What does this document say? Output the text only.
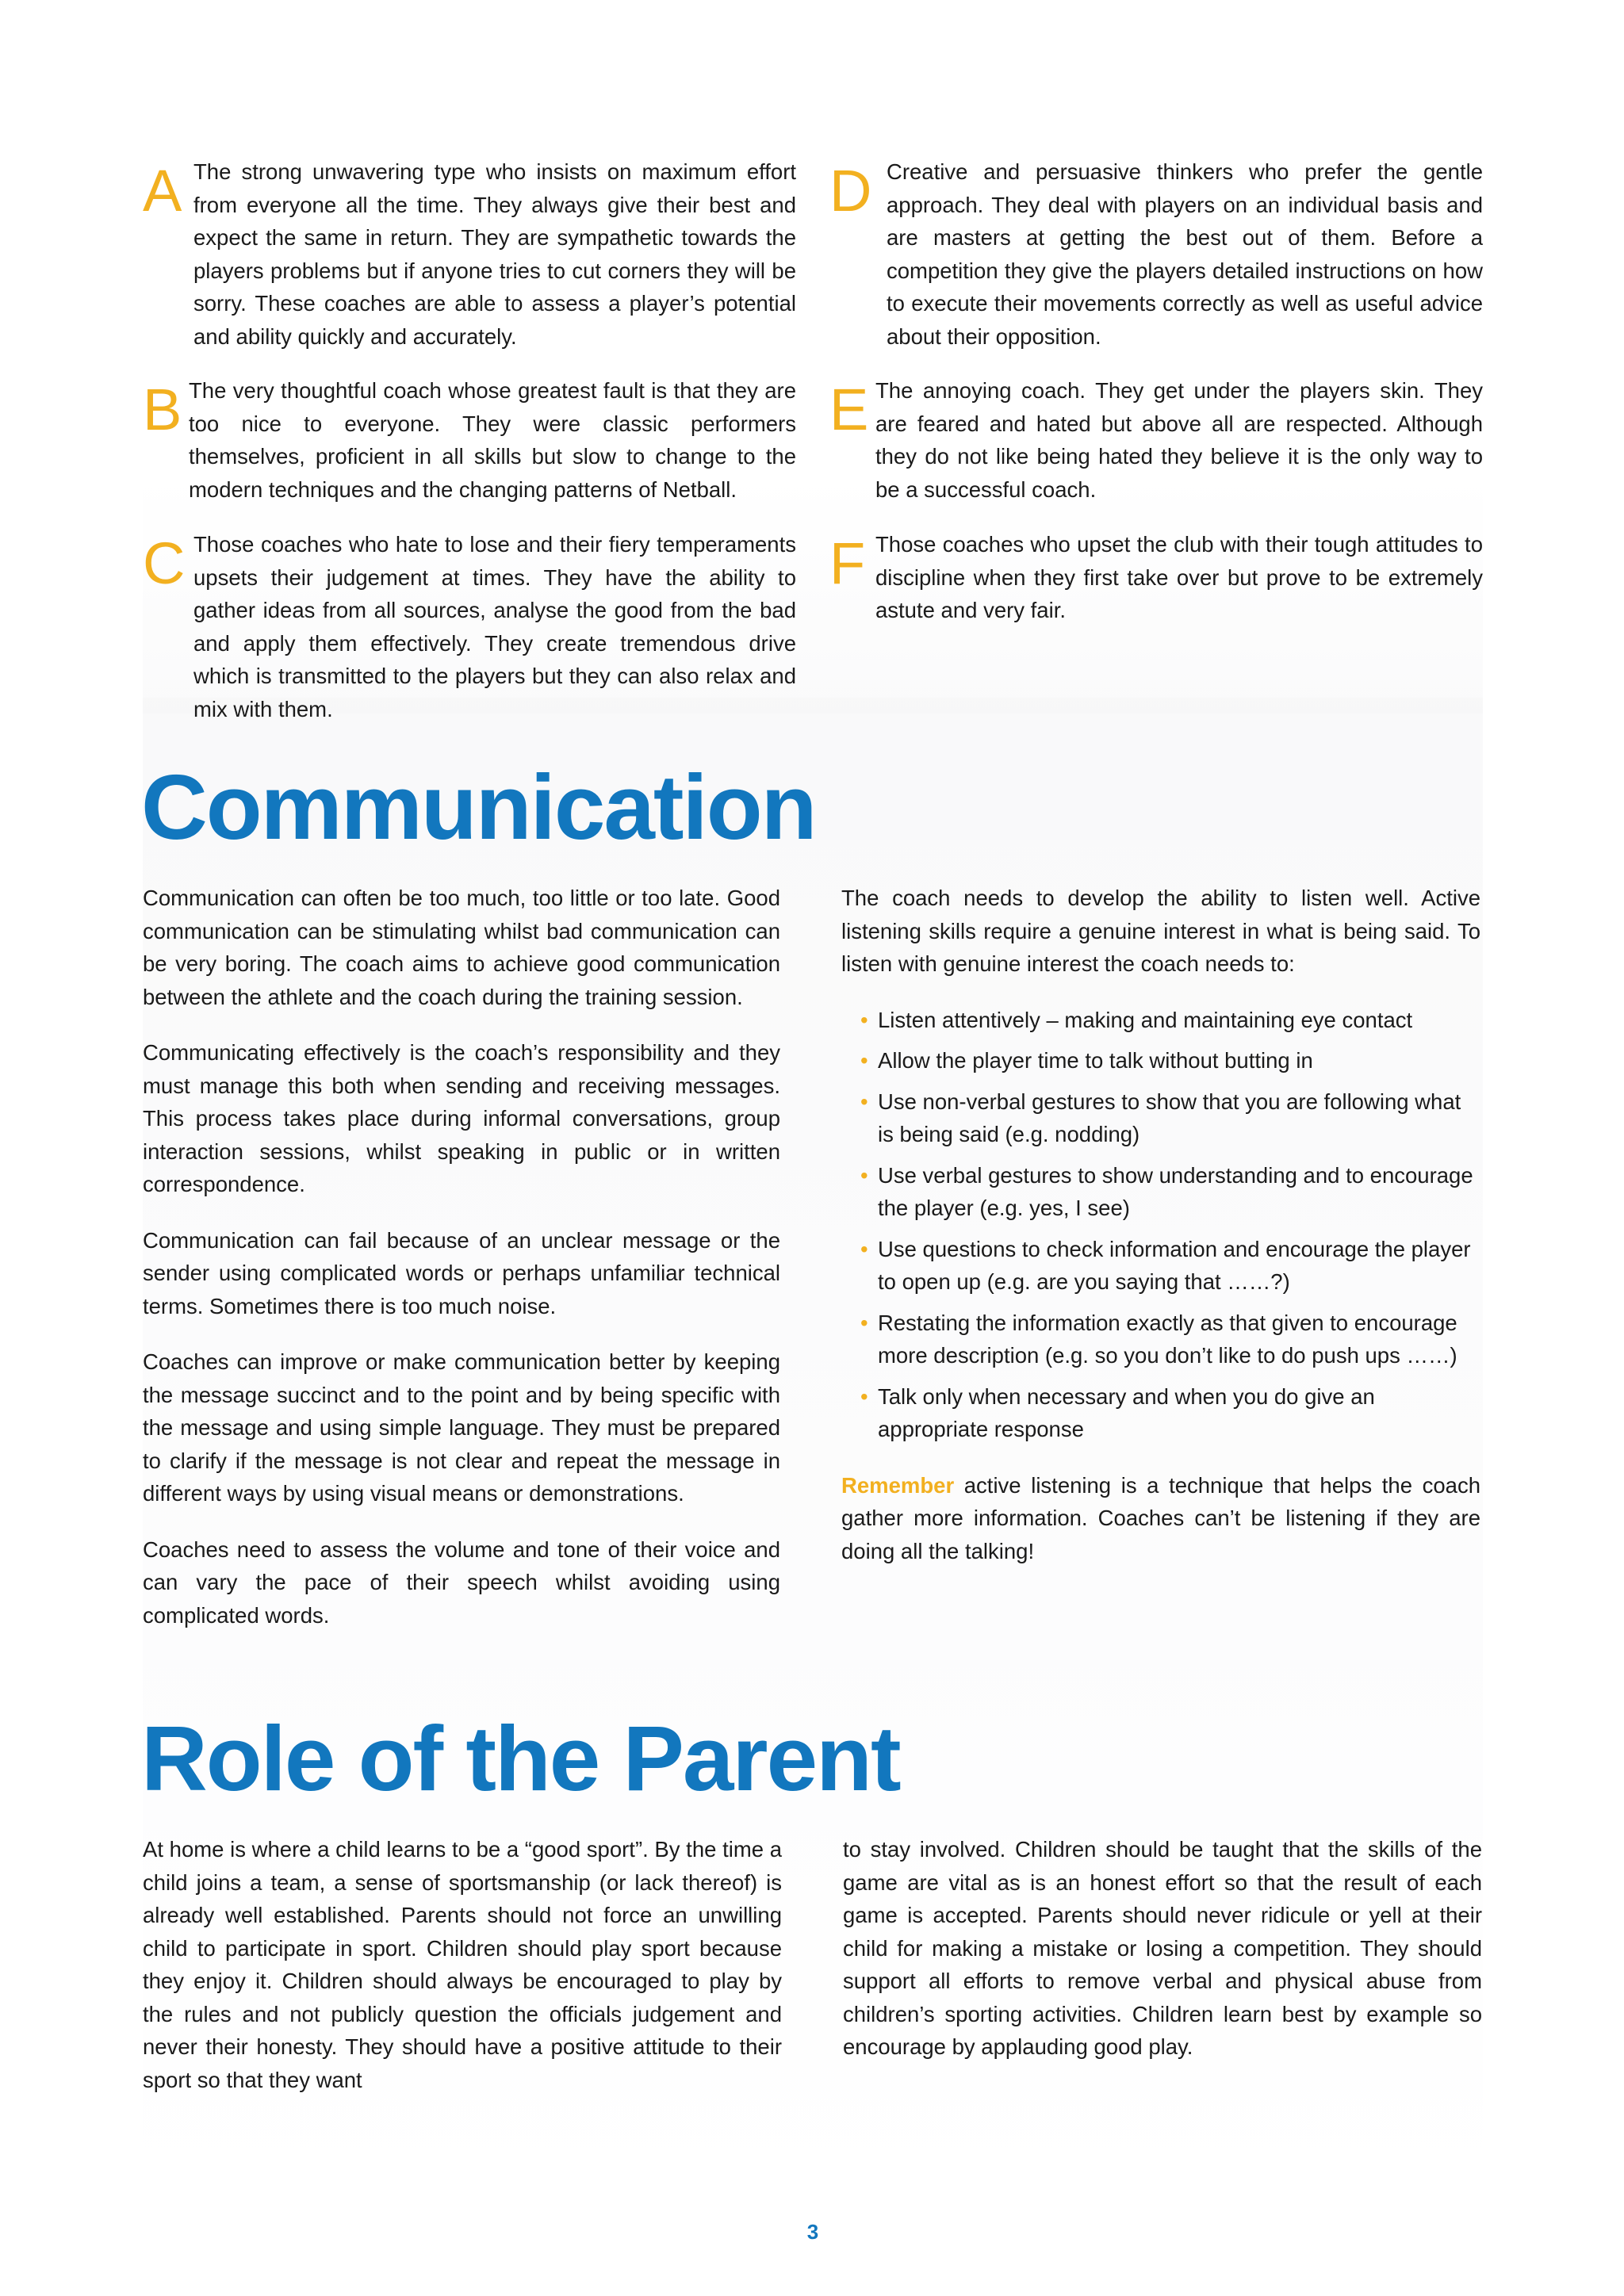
A The strong unwavering type who insists on maximum effort from everyone all the time. They always give their best and expect the same in return. They are sympathetic towards the players problems but if anyone tries to cut corners they will be sorry. These coaches are able to assess a player’s potential and ability quickly and accurately.
B The very thoughtful coach whose greatest fault is that they are too nice to everyone. They were classic performers themselves, proficient in all skills but slow to change to the modern techniques and the changing patterns of Netball.
C Those coaches who hate to lose and their fiery temperaments upsets their judgement at times. They have the ability to gather ideas from all sources, analyse the good from the bad and apply them effectively. They create tremendous drive which is transmitted to the players but they can also relax and mix with them.
D Creative and persuasive thinkers who prefer the gentle approach. They deal with players on an individual basis and are masters at getting the best out of them. Before a competition they give the players detailed instructions on how to execute their movements correctly as well as useful advice about their opposition.
E The annoying coach. They get under the players skin. They are feared and hated but above all are respected. Although they do not like being hated they believe it is the only way to be a successful coach.
F Those coaches who upset the club with their tough attitudes to discipline when they first take over but prove to be extremely astute and very fair.
Communication

Communication can often be too much, too little or too late. Good communication can be stimulating whilst bad communication can be very boring. The coach aims to achieve good communication between the athlete and the coach during the training session.

Communicating effectively is the coach’s responsibility and they must manage this both when sending and receiving messages. This process takes place during informal conversations, group interaction sessions, whilst speaking in public or in written correspondence.

Communication can fail because of an unclear message or the sender using complicated words or perhaps unfamiliar technical terms. Sometimes there is too much noise.

Coaches can improve or make communication better by keeping the message succinct and to the point and by being specific with the message and using simple language. They must be prepared to clarify if the message is not clear and repeat the message in different ways by using visual means or demonstrations.

Coaches need to assess the volume and tone of their voice and can vary the pace of their speech whilst avoiding using complicated words.

The coach needs to develop the ability to listen well. Active listening skills require a genuine interest in what is being said. To listen with genuine interest the coach needs to:

• Listen attentively – making and maintaining eye contact
• Allow the player time to talk without butting in
• Use non-verbal gestures to show that you are following what is being said (e.g. nodding)
• Use verbal gestures to show understanding and to encourage the player (e.g. yes, I see)
• Use questions to check information and encourage the player to open up (e.g. are you saying that ……?)
• Restating the information exactly as that given to encourage more description (e.g. so you don’t like to do push ups ……)
• Talk only when necessary and when you do give an appropriate response

Remember active listening is a technique that helps the coach gather more information. Coaches can’t be listening if they are doing all the talking!

Role of the Parent

At home is where a child learns to be a “good sport”. By the time a child joins a team, a sense of sportsmanship (or lack thereof) is already well established. Parents should not force an unwilling child to participate in sport. Children should play sport because they enjoy it. Children should always be encouraged to play by the rules and not publicly question the officials judgement and never their honesty. They should have a positive attitude to their sport so that they want

to stay involved. Children should be taught that the skills of the game are vital as is an honest effort so that the result of each game is accepted. Parents should never ridicule or yell at their child for making a mistake or losing a competition. They should support all efforts to remove verbal and physical abuse from children’s sporting activities. Children learn best by example so encourage by applauding good play.

3
